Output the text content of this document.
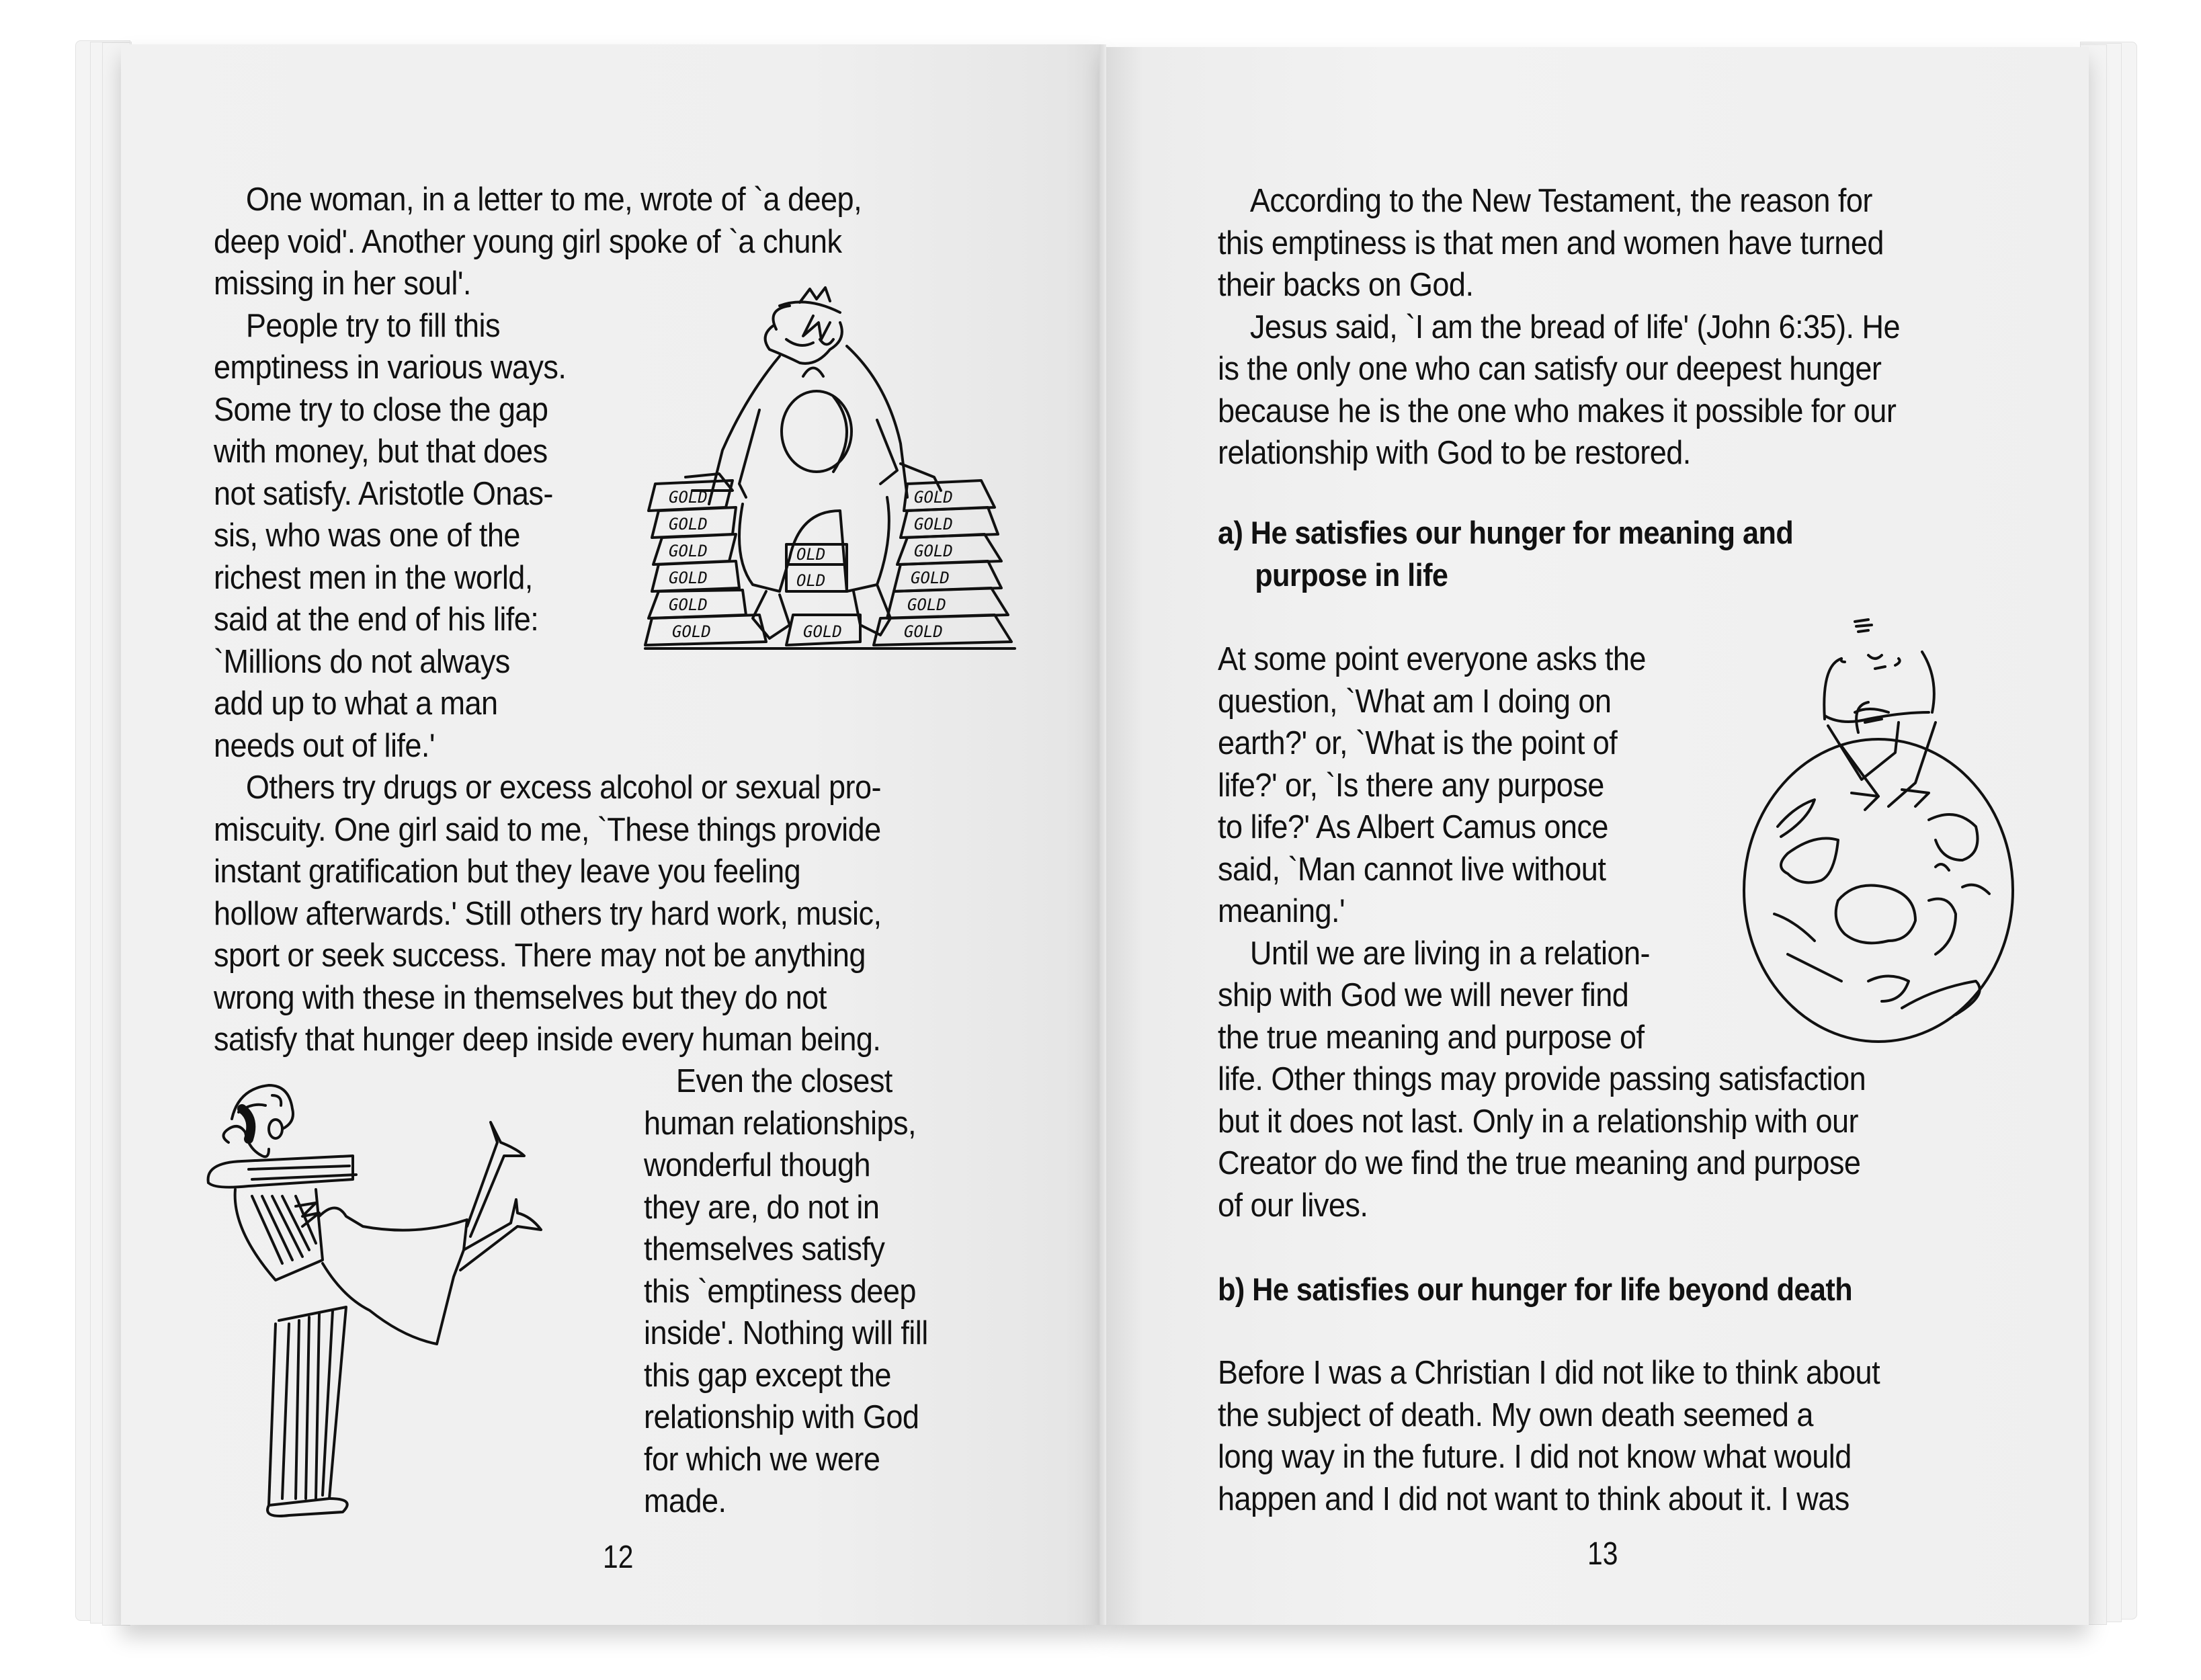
One woman, in a letter to me, wrote of `a deep,
deep void'. Another young girl spoke of `a chunk
missing in her soul'.
People try to fill this
emptiness in various ways.
Some try to close the gap
with money, but that does
not satisfy. Aristotle Onas-
sis, who was one of the
richest men in the world,
said at the end of his life:
`Millions do not always
add up to what a man
needs out of life.'
Others try drugs or excess alcohol or sexual pro-
miscuity. One girl said to me, `These things provide
instant gratification but they leave you feeling
hollow afterwards.' Still others try hard work, music,
sport or seek success. There may not be anything
wrong with these in themselves but they do not
satisfy that hunger deep inside every human being.
Even the closest
human relationships,
wonderful though
they are, do not in
themselves satisfy
this `emptiness deep
inside'. Nothing will fill
this gap except the
relationship with God
for which we were
made.
12
GOLD
GOLD
GOLD
GOLD
GOLD
GOLD
OLD
OLD
GOLD
GOLD
GOLD
GOLD
GOLD
GOLD
GOLD
According to the New Testament, the reason for
this emptiness is that men and women have turned
their backs on God.
Jesus said, `I am the bread of life' (John 6:35). He
is the only one who can satisfy our deepest hunger
because he is the one who makes it possible for our
relationship with God to be restored.
a) He satisfies our hunger for meaning and
purpose in life
At some point everyone asks the
question, `What am I doing on
earth?' or, `What is the point of
life?' or, `Is there any purpose
to life?' As Albert Camus once
said, `Man cannot live without
meaning.'
Until we are living in a relation-
ship with God we will never find
the true meaning and purpose of
life. Other things may provide passing satisfaction
but it does not last. Only in a relationship with our
Creator do we find the true meaning and purpose
of our lives.
b) He satisfies our hunger for life beyond death
Before I was a Christian I did not like to think about
the subject of death. My own death seemed a
long way in the future. I did not know what would
happen and I did not want to think about it. I was
13
